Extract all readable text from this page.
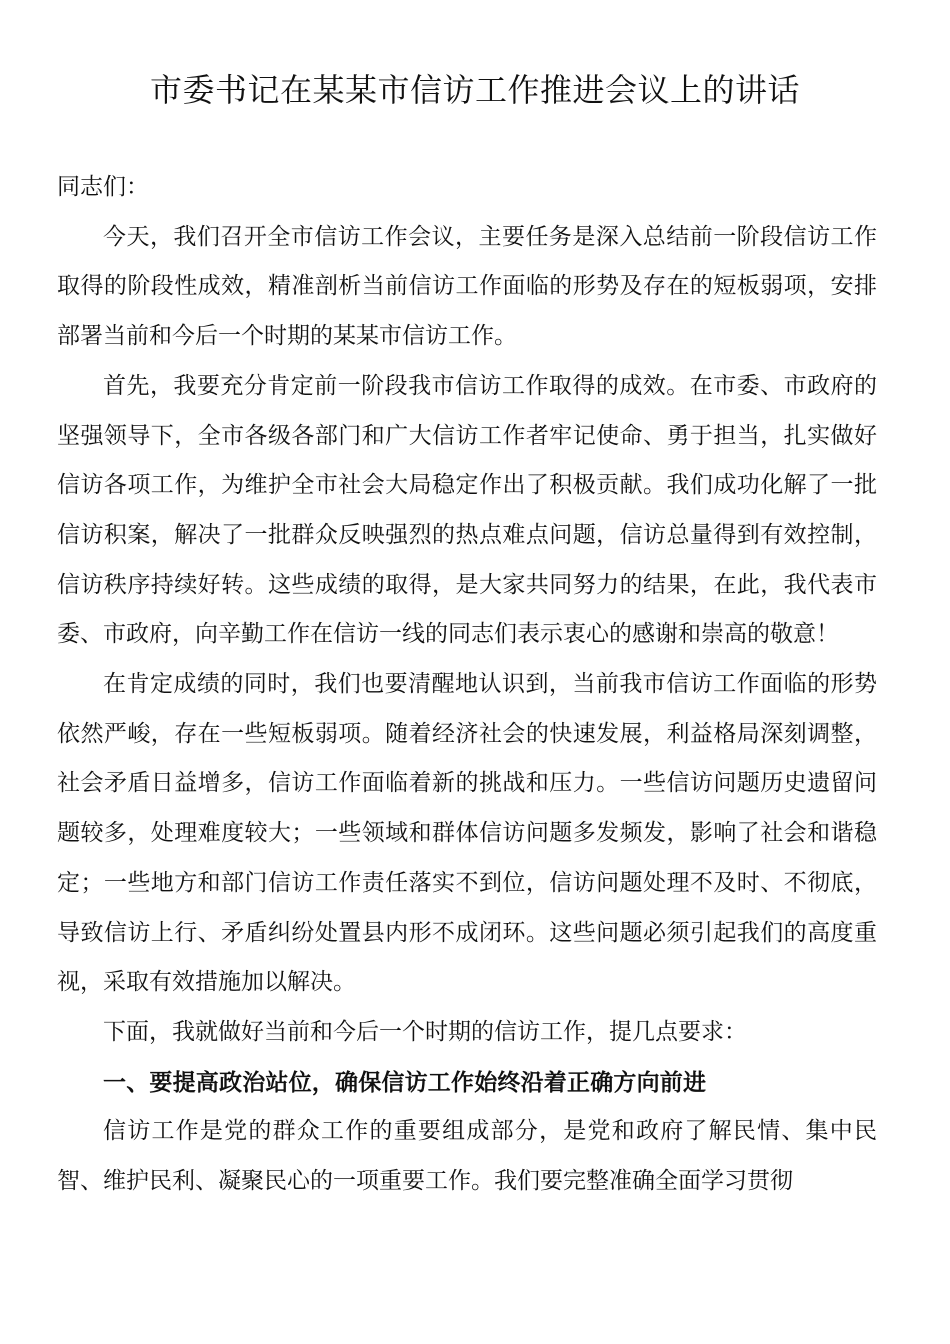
市委书记在某某市信访工作推进会议上的讲话

同志们：

今天，我们召开全市信访工作会议，主要任务是深入总结前一阶段信访工作取得的阶段性成效，精准剖析当前信访工作面临的形势及存在的短板弱项，安排部署当前和今后一个时期的某某市信访工作。

首先，我要充分肯定前一阶段我市信访工作取得的成效。在市委、市政府的坚强领导下，全市各级各部门和广大信访工作者牢记使命、勇于担当，扎实做好信访各项工作，为维护全市社会大局稳定作出了积极贡献。我们成功化解了一批信访积案，解决了一批群众反映强烈的热点难点问题，信访总量得到有效控制，信访秩序持续好转。这些成绩的取得，是大家共同努力的结果，在此，我代表市委、市政府，向辛勤工作在信访一线的同志们表示衷心的感谢和崇高的敬意！

在肯定成绩的同时，我们也要清醒地认识到，当前我市信访工作面临的形势依然严峻，存在一些短板弱项。随着经济社会的快速发展，利益格局深刻调整，社会矛盾日益增多，信访工作面临着新的挑战和压力。一些信访问题历史遗留问题较多，处理难度较大；一些领域和群体信访问题多发频发，影响了社会和谐稳定；一些地方和部门信访工作责任落实不到位，信访问题处理不及时、不彻底，导致信访上行、矛盾纠纷处置县内形不成闭环。这些问题必须引起我们的高度重视，采取有效措施加以解决。

下面，我就做好当前和今后一个时期的信访工作，提几点要求：

一、要提高政治站位，确保信访工作始终沿着正确方向前进

信访工作是党的群众工作的重要组成部分，是党和政府了解民情、集中民智、维护民利、凝聚民心的一项重要工作。我们要完整准确全面学习贯彻
